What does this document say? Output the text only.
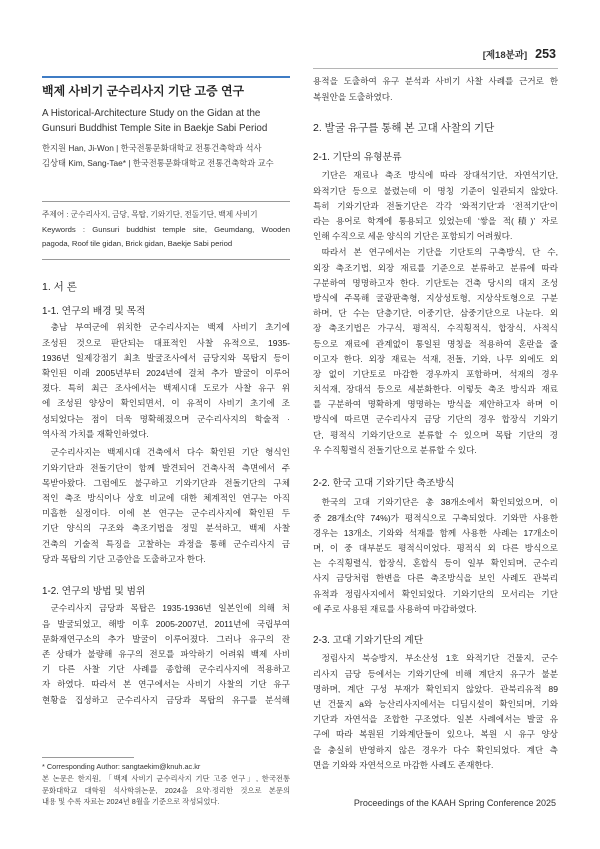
[제18분과] 253
백제 사비기 군수리사지 기단 고증 연구
A Historical-Architecture Study on the Gidan at the
Gunsuri Buddhist Temple Site in Baekje Sabi Period
한지원 Han, Ji-Won | 한국전통문화대학교 전통건축학과 석사
김상태 Kim, Sang-Tae* | 한국전통문화대학교 전통건축학과 교수
주제어 : 군수리사지, 금당, 목탑, 기와기단, 전돌기단, 백제 사비기
Keywords : Gunsuri buddhist temple site, Geumdang, Wooden
pagoda, Roof tile gidan, Brick gidan, Baekje Sabi period
1. 서 론
1-1. 연구의 배경 및 목적
충남 부여군에 위치한 군수리사지는 백제 사비기 초기에
조성된 것으로 판단되는 대표적인 사찰 유적으로, 1935-
1936년 일제강점기 최초 발굴조사에서 금당지와 목탑지 등이
확인된 이래 2005년부터 2024년에 걸쳐 추가 발굴이 이루어
졌다. 특히 최근 조사에서는 백제시대 도로가 사찰 유구 위
에 조성된 양상이 확인되면서, 이 유적이 사비기 초기에 조
성되었다는 점이 더욱 명확해졌으며 군수리사지의 학술적 ·
역사적 가치를 재확인하였다.
군수리사지는 백제시대 건축에서 다수 확인된 기단 형식인
기와기단과 전돌기단이 함께 발견되어 건축사적 측면에서 주
목받아왔다. 그럼에도 불구하고 기와기단과 전돌기단의 구체
적인 축조 방식이나 상호 비교에 대한 체계적인 연구는 아직
미흡한 실정이다. 이에 본 연구는 군수리사지에 확인된 두
기단 양식의 구조와 축조기법을 정밀 분석하고, 백제 사찰
건축의 기술적 특징을 고찰하는 과정을 통해 군수리사지 금
당과 목탑의 기단 고증안을 도출하고자 한다.
1-2. 연구의 방법 및 범위
군수리사지 금당과 목탑은 1935-1936년 일본인에 의해 처
음 발굴되었고, 해방 이후 2005-2007년, 2011년에 국립부여
문화재연구소의 추가 발굴이 이루어졌다. 그러나 유구의 잔
존 상태가 불량해 유구의 전모를 파악하기 어려워 백제 사비
기 다른 사찰 기단 사례를 종합해 군수리사지에 적용하고
자 하였다. 따라서 본 연구에서는 사비기 사찰의 기단 유구
현황을 집성하고 군수리사지 금당과 목탑의 유구를 분석해
* Corresponding Author: sangtaekim@knuh.ac.kr
본 논문은 한지원, 「백제 사비기 군수리사지 기단 고증 연구」, 한국전통
문화대학교 대학원 석사학위논문, 2024을 요약·정리한 것으로 본문의
내용 및 수록 자료는 2024년 8월을 기준으로 작성되었다.
용적을 도출하여 유구 분석과 사비기 사찰 사례를 근거로 한
복원안을 도출하였다.
2. 발굴 유구를 통해 본 고대 사찰의 기단
2-1. 기단의 유형분류
기단은 재료나 축조 방식에 따라 장대석기단, 자연석기단,
와적기단 등으로 불렸는데 이 명칭 기준이 일관되지 않았다.
특히 기와기단과 전돌기단은 각각 ‘와적기단’과 ‘전적기단’이
라는 용어로 학계에 통용되고 있었는데 ‘쌓을 적(積)’ 자로
인해 수직으로 세운 양식의 기단은 포함되기 어려웠다.
따라서 본 연구에서는 기단을 기단토의 구축방식, 단 수,
외장 축조기법, 외장 재료를 기준으로 분류하고 분류에 따라
구분하여 명명하고자 한다. 기단토는 건축 당시의 대지 조성
방식에 주목해 굴광판축형, 지상성토형, 지상삭토형으로 구분
하며, 단 수는 단층기단, 이중기단, 삼중기단으로 나눈다. 외
장 축조기법은 가구식, 평적식, 수직횡적식, 합장식, 사적식
등으로 재료에 관계없이 통일된 명칭을 적용하여 혼란을 줄
이고자 한다. 외장 재료는 석재, 전돌, 기와, 나무 외에도 외
장 없이 기단토로 마감한 경우까지 포함하며, 석재의 경우
치석재, 장대석 등으로 세분화한다. 이렇듯 축조 방식과 재료
를 구분하여 명확하게 명명하는 방식을 제안하고자 하며 이
방식에 따르면 군수리사지 금당 기단의 경우 합장식 기와기
단, 평적식 기와기단으로 분류할 수 있으며 목탑 기단의 경
우 수직횡렬식 전돌기단으로 분류할 수 있다.
2-2. 한국 고대 기와기단 축조방식
한국의 고대 기와기단은 총 38개소에서 확인되었으며, 이
중 28개소(약 74%)가 평적식으로 구축되었다. 기와만 사용한
경우는 13개소, 기와와 석재를 함께 사용한 사례는 17개소이
며, 이 중 대부분도 평적식이었다. 평적식 외 다른 방식으로
는 수직횡렬식, 합장식, 혼합식 등이 일부 확인되며, 군수리
사지 금당처럼 한변을 다른 축조방식을 보인 사례도 관북리
유적과 정림사지에서 확인되었다. 기와기단의 모서리는 기단
에 주로 사용된 재료를 사용하여 마감하였다.
2-3. 고대 기와기단의 계단
정림사지 북승방지, 부소산성 1호 와적기단 건물지, 군수
리사지 금당 등에서는 기와기단에 비해 계단지 유구가 불분
명하며, 계단 구성 부재가 확인되지 않았다. 관북리유적 89
년 건물지 a와 능산리사지에서는 디딤시설이 확인되며, 기와
기단과 자연석을 조합한 구조였다. 일본 사례에서는 발굴 유
구에 따라 복원된 기와계단들이 있으나, 복원 시 유구 양상
을 충실히 반영하지 않은 경우가 다수 확인되었다. 계단 측
면을 기와와 자연석으로 마감한 사례도 존재한다.
Proceedings of the KAAH Spring Conference 2025
